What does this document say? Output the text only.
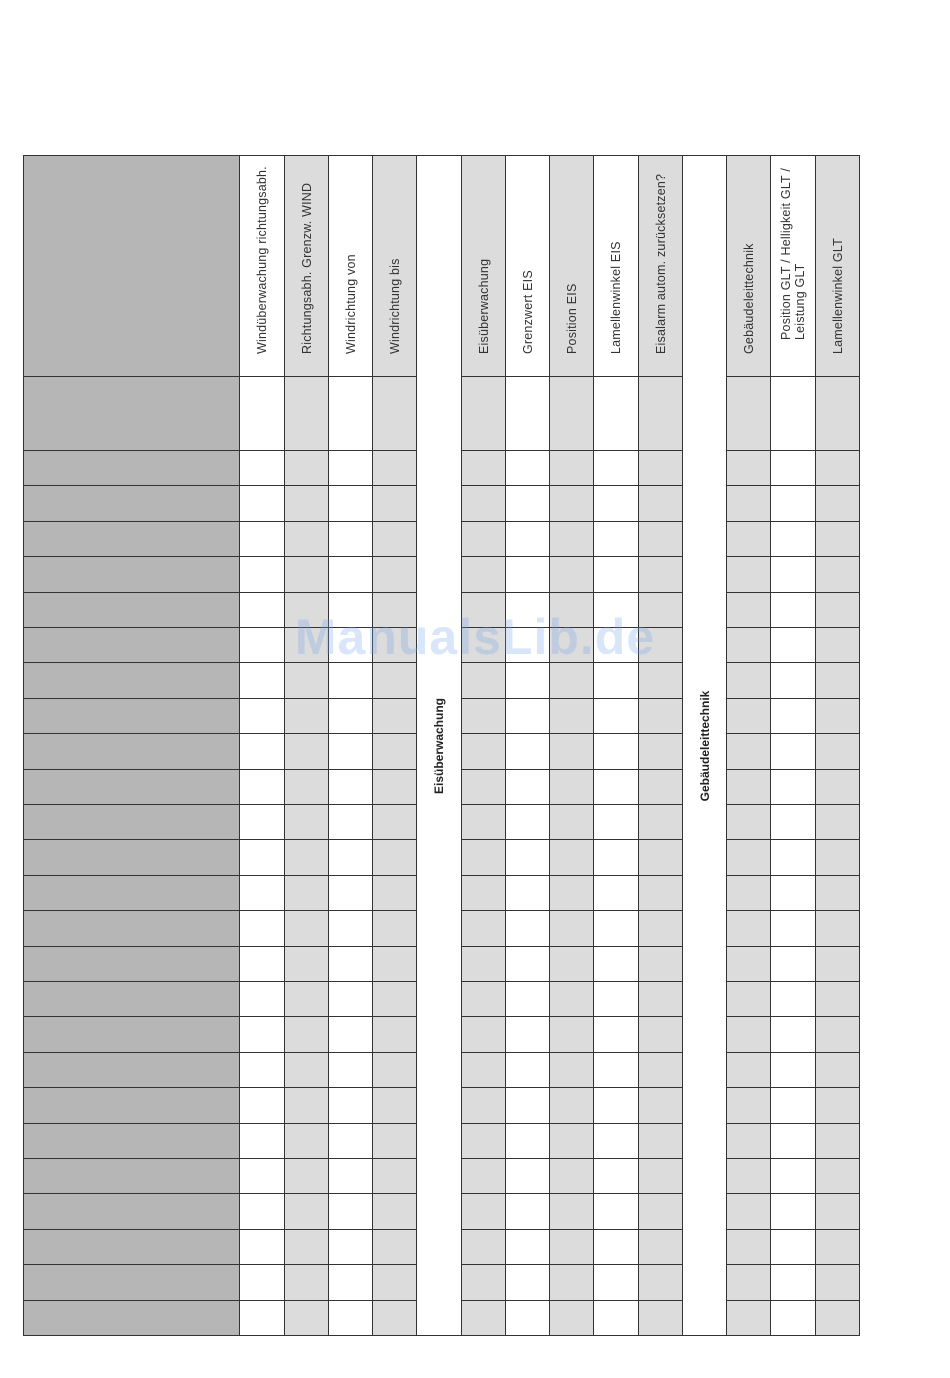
Windüberwachung richtungsabh. Richtungsabh. Grenzw. WIND Windrichtung von Windrichtung bis
Eisüberwachung
Eisüberwachung Grenzwert EIS Position EIS Lamellenwinkel EIS Eisalarm autom. zurücksetzen?
Gebäudeleittechnik
Gebäudeleittechnik Position GLT / Helligkeit GLT / Leistung GLT Lamellenwinkel GLT
ManualsLib.de
